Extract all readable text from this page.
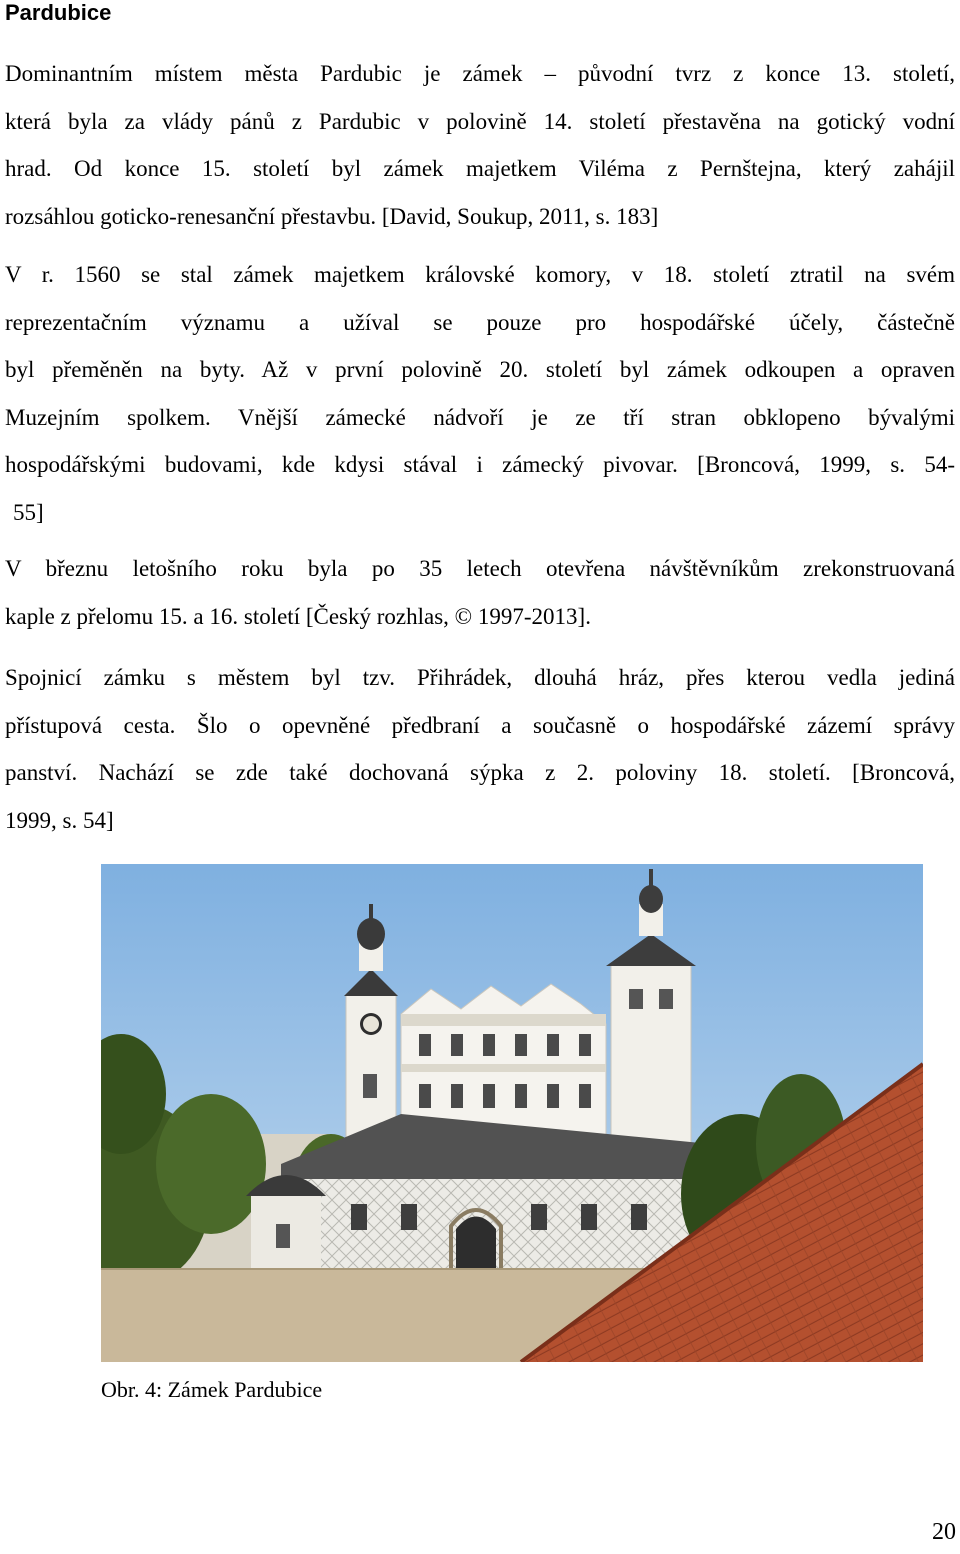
Pardubice

Dominantním místem města Pardubic je zámek – původní tvrz z konce 13. století,
která byla za vlády pánů z Pardubic v polovině 14. století přestavěna na gotický vodní
hrad. Od konce 15. století byl zámek majetkem Viléma z Pernštejna, který zahájil
rozsáhlou goticko-renesanční přestavbu. [David, Soukup, 2011, s. 183]

V r. 1560 se stal zámek majetkem královské komory, v 18. století ztratil na svém
reprezentačním významu a užíval se pouze pro hospodářské účely, částečně
byl přeměněn na byty. Až v první polovině 20. století byl zámek odkoupen a opraven
Muzejním spolkem. Vnější zámecké nádvoří je ze tří stran obklopeno bývalými
hospodářskými budovami, kde kdysi stával i zámecký pivovar. [Broncová, 1999, s. 54-
55]

V březnu letošního roku byla po 35 letech otevřena návštěvníkům zrekonstruovaná
kaple z přelomu 15. a 16. století [Český rozhlas, © 1997-2013].

Spojnicí zámku s městem byl tzv. Přihrádek, dlouhá hráz, přes kterou vedla jediná
přístupová cesta. Šlo o opevněné předbraní a současně o hospodářské zázemí správy
panství. Nachází se zde také dochovaná sýpka z 2. poloviny 18. století. [Broncová,
1999, s. 54]

Obr. 4: Zámek Pardubice
20
